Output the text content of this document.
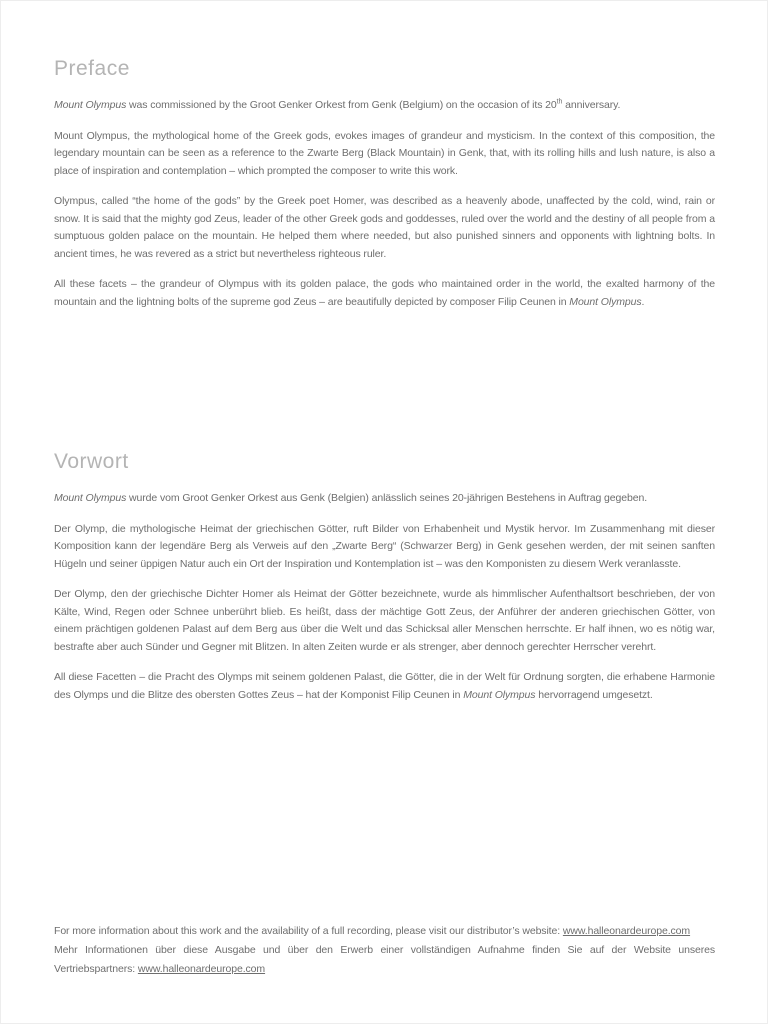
Preface

Mount Olympus was commissioned by the Groot Genker Orkest from Genk (Belgium) on the occasion of its 20th anniversary.

Mount Olympus, the mythological home of the Greek gods, evokes images of grandeur and mysticism. In the context of this composition, the legendary mountain can be seen as a reference to the Zwarte Berg (Black Mountain) in Genk, that, with its rolling hills and lush nature, is also a place of inspiration and contemplation – which prompted the composer to write this work.

Olympus, called “the home of the gods” by the Greek poet Homer, was described as a heavenly abode, unaffected by the cold, wind, rain or snow. It is said that the mighty god Zeus, leader of the other Greek gods and goddesses, ruled over the world and the destiny of all people from a sumptuous golden palace on the mountain. He helped them where needed, but also punished sinners and opponents with lightning bolts. In ancient times, he was revered as a strict but nevertheless righteous ruler.

All these facets – the grandeur of Olympus with its golden palace, the gods who maintained order in the world, the exalted harmony of the mountain and the lightning bolts of the supreme god Zeus – are beautifully depicted by composer Filip Ceunen in Mount Olympus.

Vorwort

Mount Olympus wurde vom Groot Genker Orkest aus Genk (Belgien) anlässlich seines 20-jährigen Bestehens in Auftrag gegeben.

Der Olymp, die mythologische Heimat der griechischen Götter, ruft Bilder von Erhabenheit und Mystik hervor. Im Zusammenhang mit dieser Komposition kann der legendäre Berg als Verweis auf den „Zwarte Berg“ (Schwarzer Berg) in Genk gesehen werden, der mit seinen sanften Hügeln und seiner üppigen Natur auch ein Ort der Inspiration und Kontemplation ist – was den Komponisten zu diesem Werk veranlasste.

Der Olymp, den der griechische Dichter Homer als Heimat der Götter bezeichnete, wurde als himmlischer Aufenthaltsort beschrieben, der von Kälte, Wind, Regen oder Schnee unberührt blieb. Es heißt, dass der mächtige Gott Zeus, der Anführer der anderen griechischen Götter, von einem prächtigen goldenen Palast auf dem Berg aus über die Welt und das Schicksal aller Menschen herrschte. Er half ihnen, wo es nötig war, bestrafte aber auch Sünder und Gegner mit Blitzen. In alten Zeiten wurde er als strenger, aber dennoch gerechter Herrscher verehrt.

All diese Facetten – die Pracht des Olymps mit seinem goldenen Palast, die Götter, die in der Welt für Ordnung sorgten, die erhabene Harmonie des Olymps und die Blitze des obersten Gottes Zeus – hat der Komponist Filip Ceunen in Mount Olympus hervorragend umgesetzt.

For more information about this work and the availability of a full recording, please visit our distributor’s website: www.halleonardeurope.com

Mehr Informationen über diese Ausgabe und über den Erwerb einer vollständigen Aufnahme finden Sie auf der Website unseres Vertriebspartners: www.halleonardeurope.com
